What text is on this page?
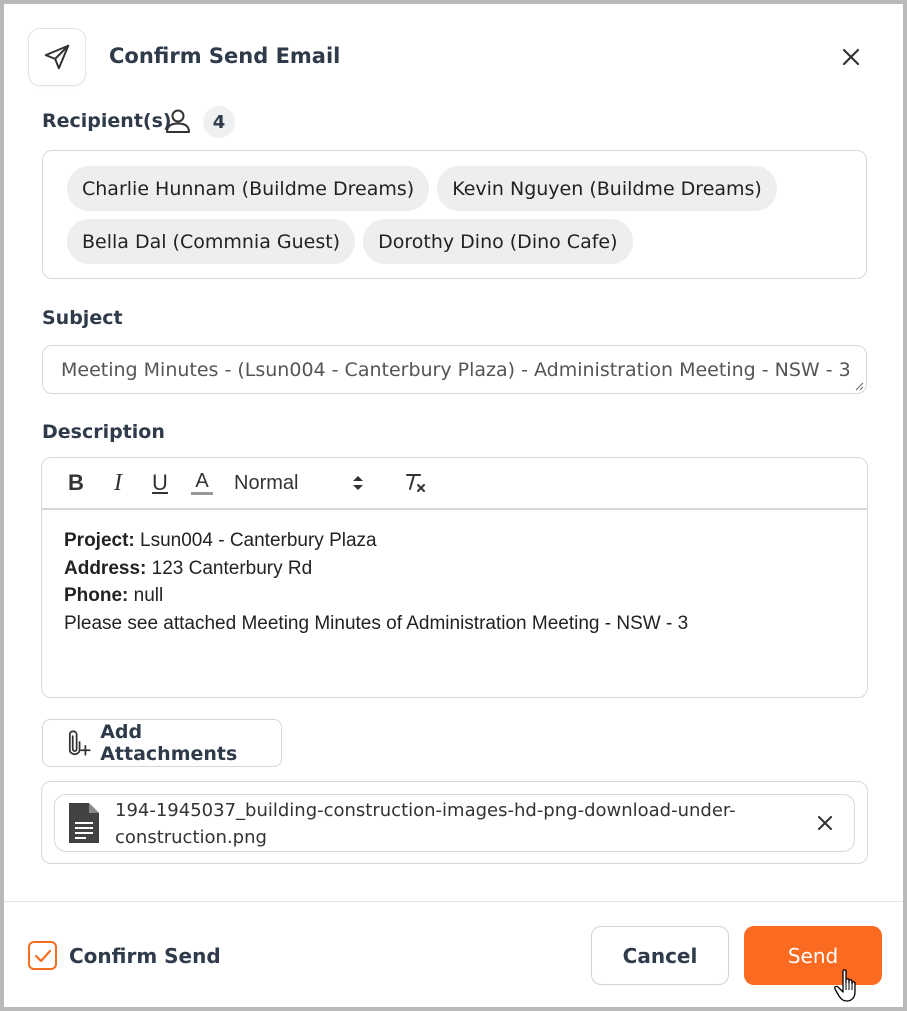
Confirm Send Email
Recipient(s)	4
Charlie Hunnam (Buildme Dreams)	Kevin Nguyen (Buildme Dreams)
Bella Dal (Commnia Guest)	Dorothy Dino (Dino Cafe)
Subject
Meeting Minutes - (Lsun004 - Canterbury Plaza) - Administration Meeting - NSW - 3
Description
B	I	U	A Normal
Project: Lsun004 - Canterbury Plaza
Address: 123 Canterbury Rd
Phone: null
Please see attached Meeting Minutes of Administration Meeting - NSW - 3
Add Attachments
194-1945037_building-construction-images-hd-png-download-under-construction.png
Confirm Send	Cancel	Send
